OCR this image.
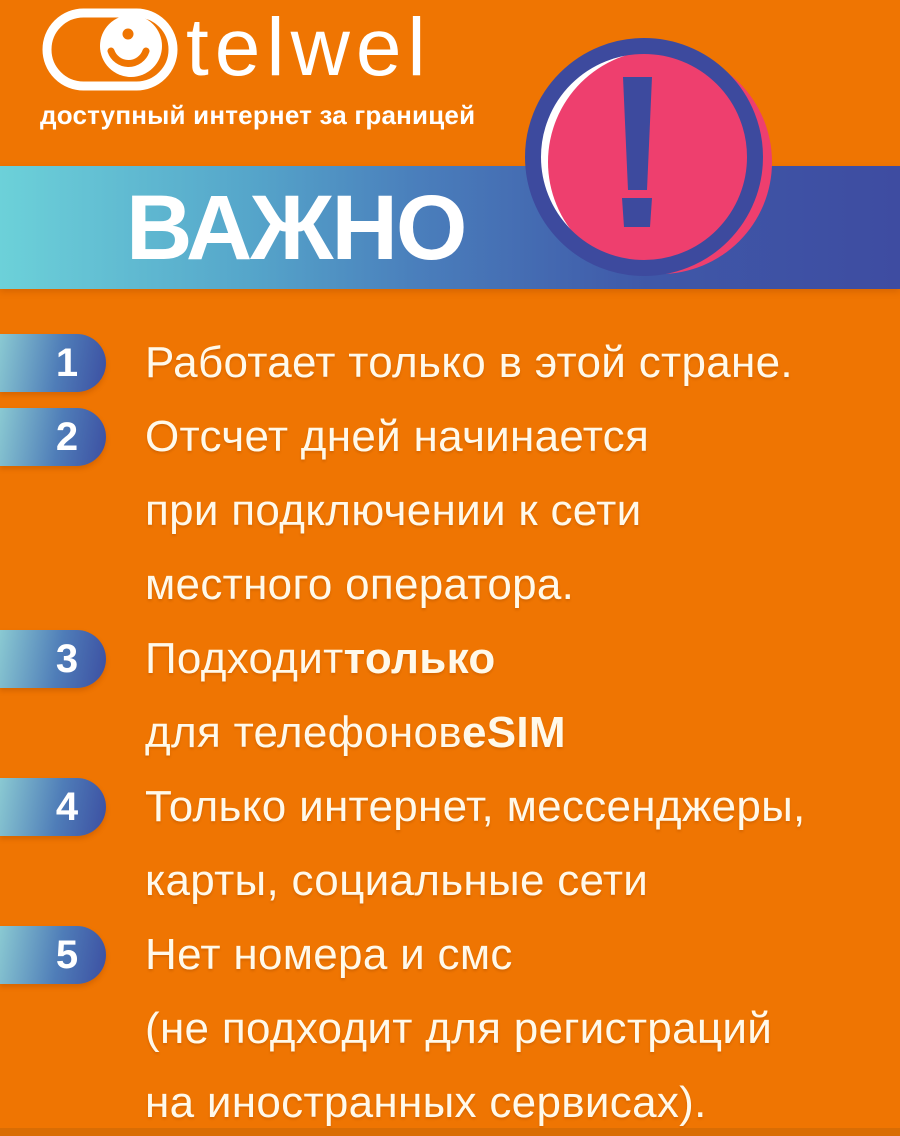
telwel
доступный интернет за границей
ВАЖНО
1
2
3
4
5
Работает только в этой стране.
Отсчет дней начинается
при подключении к сети
местного оператора.
Подходит только
для телефонов eSIM
Только интернет, мессенджеры,
карты, социальные сети
Нет номера и смс
(не подходит для регистраций
на иностранных сервисах).
